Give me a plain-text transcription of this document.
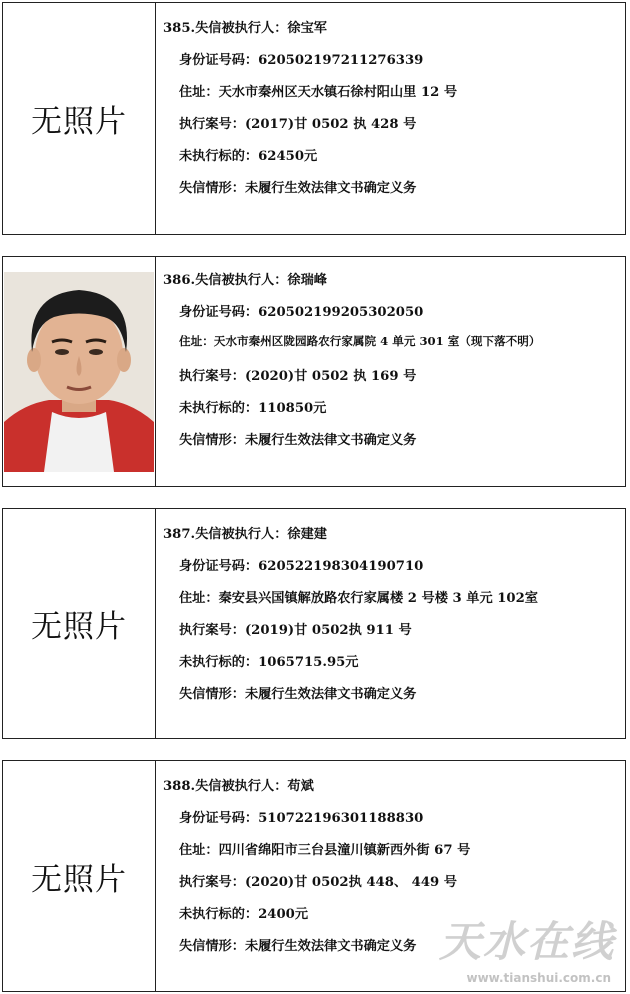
无照片
385.失信被执行人：徐宝军
身份证号码：620502197211276339
住址：天水市秦州区天水镇石徐村阳山里 12 号
执行案号：(2017)甘 0502 执 428 号
未执行标的：62450元
失信情形：未履行生效法律文书确定义务
386.失信被执行人：徐瑞峰
身份证号码：620502199205302050
住址：天水市秦州区陇园路农行家属院 4 单元 301 室（现下落不明）
执行案号：(2020)甘 0502 执 169 号
未执行标的：110850元
失信情形：未履行生效法律文书确定义务
无照片
387.失信被执行人：徐建建
身份证号码：620522198304190710
住址：秦安县兴国镇解放路农行家属楼 2 号楼 3 单元 102室
执行案号：(2019)甘 0502执 911 号
未执行标的：1065715.95元
失信情形：未履行生效法律文书确定义务
无照片
388.失信被执行人：苟斌
身份证号码：510722196301188830
住址：四川省绵阳市三台县潼川镇新西外街 67 号
执行案号：(2020)甘 0502执 448、 449 号
未执行标的：2400元
失信情形：未履行生效法律文书确定义务 天水在线
www.tianshui.com.cn
